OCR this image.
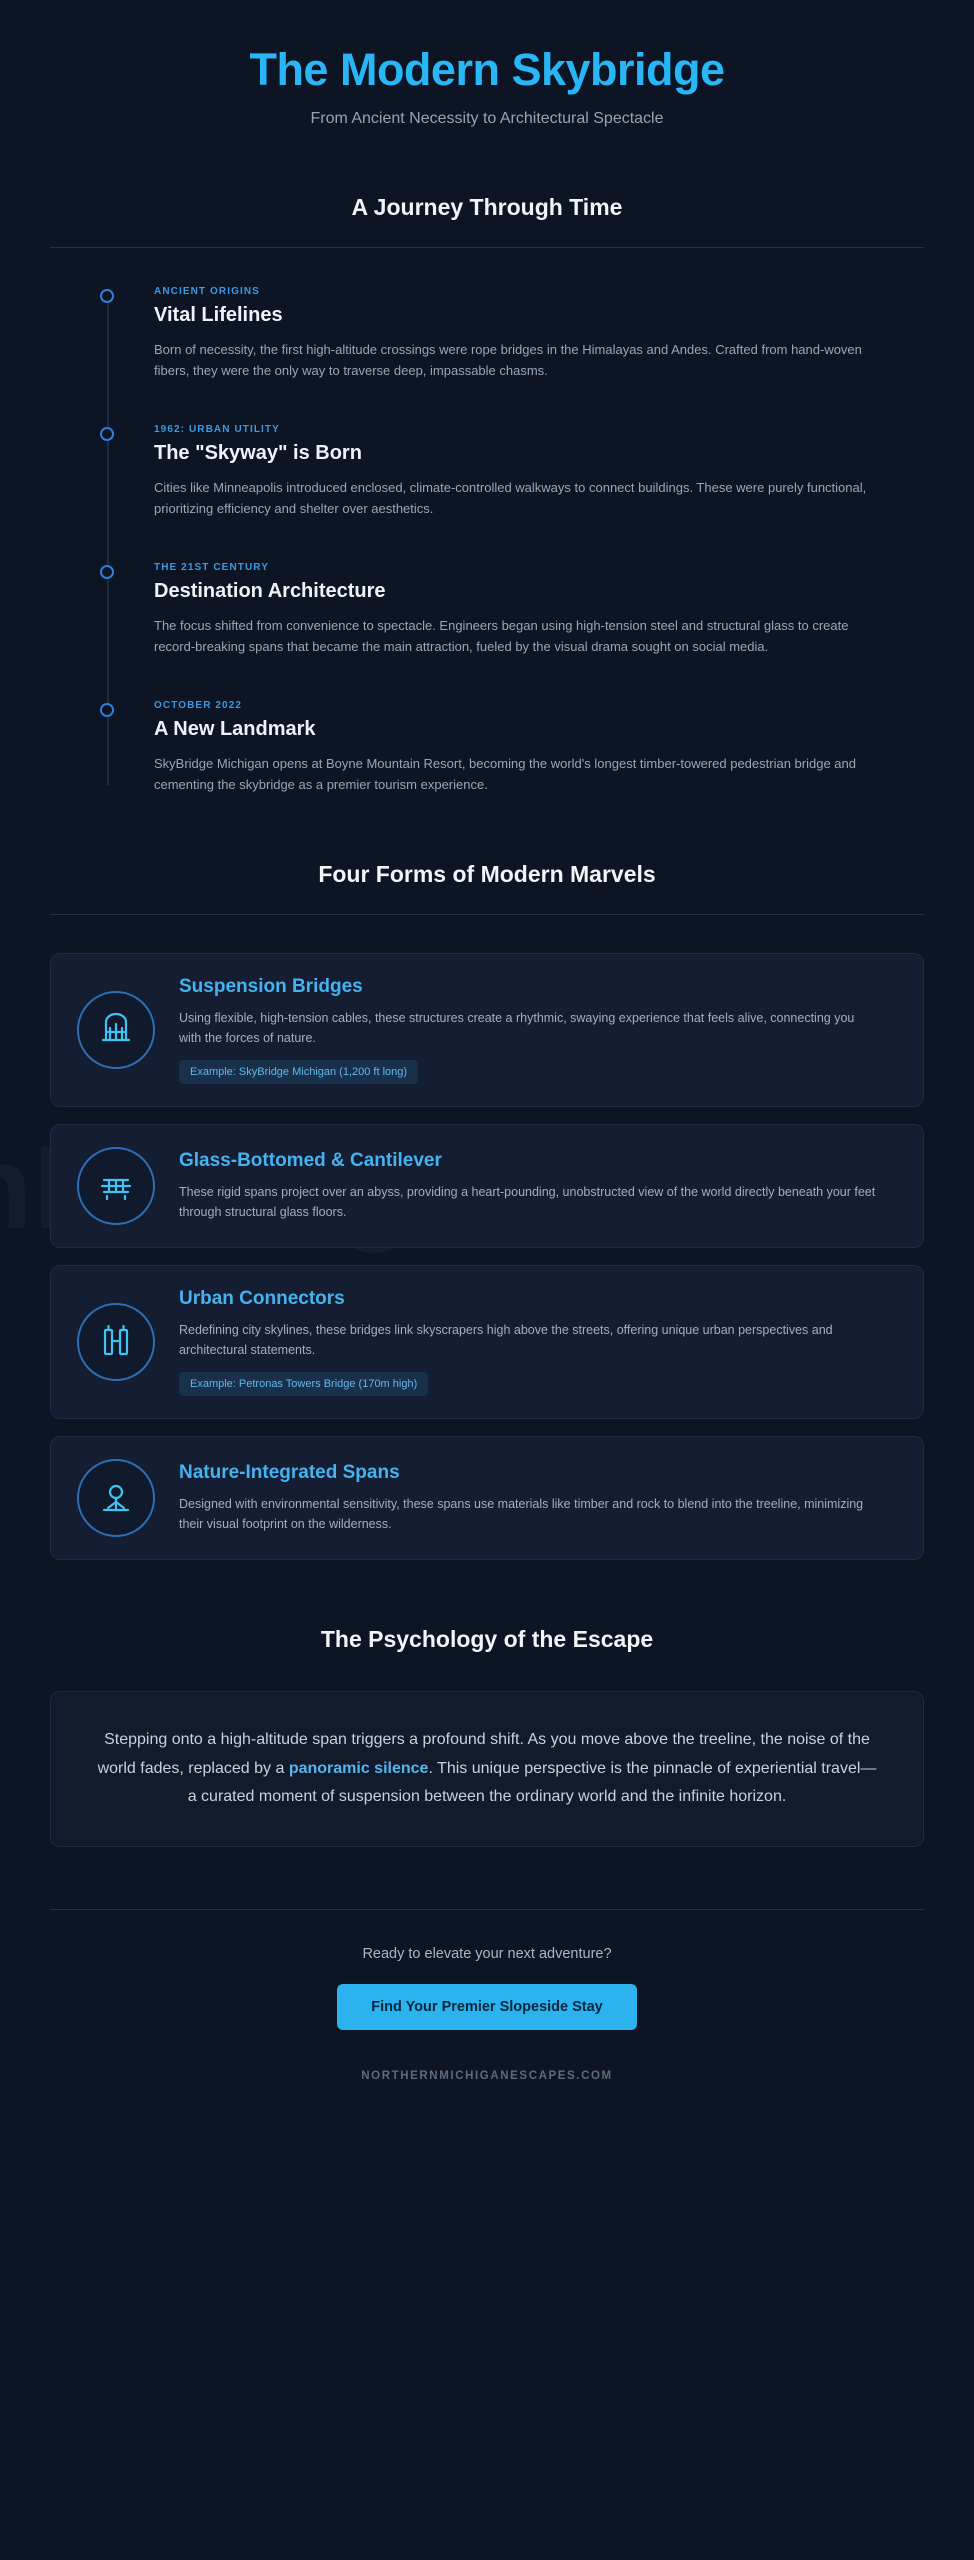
The Modern Skybridge
From Ancient Necessity to Architectural Spectacle
A Journey Through Time
ANCIENT ORIGINS
Vital Lifelines
Born of necessity, the first high-altitude crossings were rope bridges in the Himalayas and Andes. Crafted from hand-woven fibers, they were the only way to traverse deep, impassable chasms.
1962: URBAN UTILITY
The "Skyway" is Born
Cities like Minneapolis introduced enclosed, climate-controlled walkways to connect buildings. These were purely functional, prioritizing efficiency and shelter over aesthetics.
THE 21ST CENTURY
Destination Architecture
The focus shifted from convenience to spectacle. Engineers began using high-tension steel and structural glass to create record-breaking spans that became the main attraction, fueled by the visual drama sought on social media.
OCTOBER 2022
A New Landmark
SkyBridge Michigan opens at Boyne Mountain Resort, becoming the world's longest timber-towered pedestrian bridge and cementing the skybridge as a premier tourism experience.
Four Forms of Modern Marvels
Suspension Bridges
Using flexible, high-tension cables, these structures create a rhythmic, swaying experience that feels alive, connecting you with the forces of nature.
Example: SkyBridge Michigan (1,200 ft long)
Glass-Bottomed & Cantilever
These rigid spans project over an abyss, providing a heart-pounding, unobstructed view of the world directly beneath your feet through structural glass floors.
Urban Connectors
Redefining city skylines, these bridges link skyscrapers high above the streets, offering unique urban perspectives and architectural statements.
Example: Petronas Towers Bridge (170m high)
Nature-Integrated Spans
Designed with environmental sensitivity, these spans use materials like timber and rock to blend into the treeline, minimizing their visual footprint on the wilderness.
The Psychology of the Escape

Stepping onto a high-altitude span triggers a profound shift. As you move above the treeline, the noise of the world fades, replaced by a panoramic silence. This unique perspective is the pinnacle of experiential travel—a curated moment of suspension between the ordinary world and the infinite horizon.

Ready to elevate your next adventure?
Find Your Premier Slopeside Stay
NORTHERNMICHIGANESCAPES.COM
